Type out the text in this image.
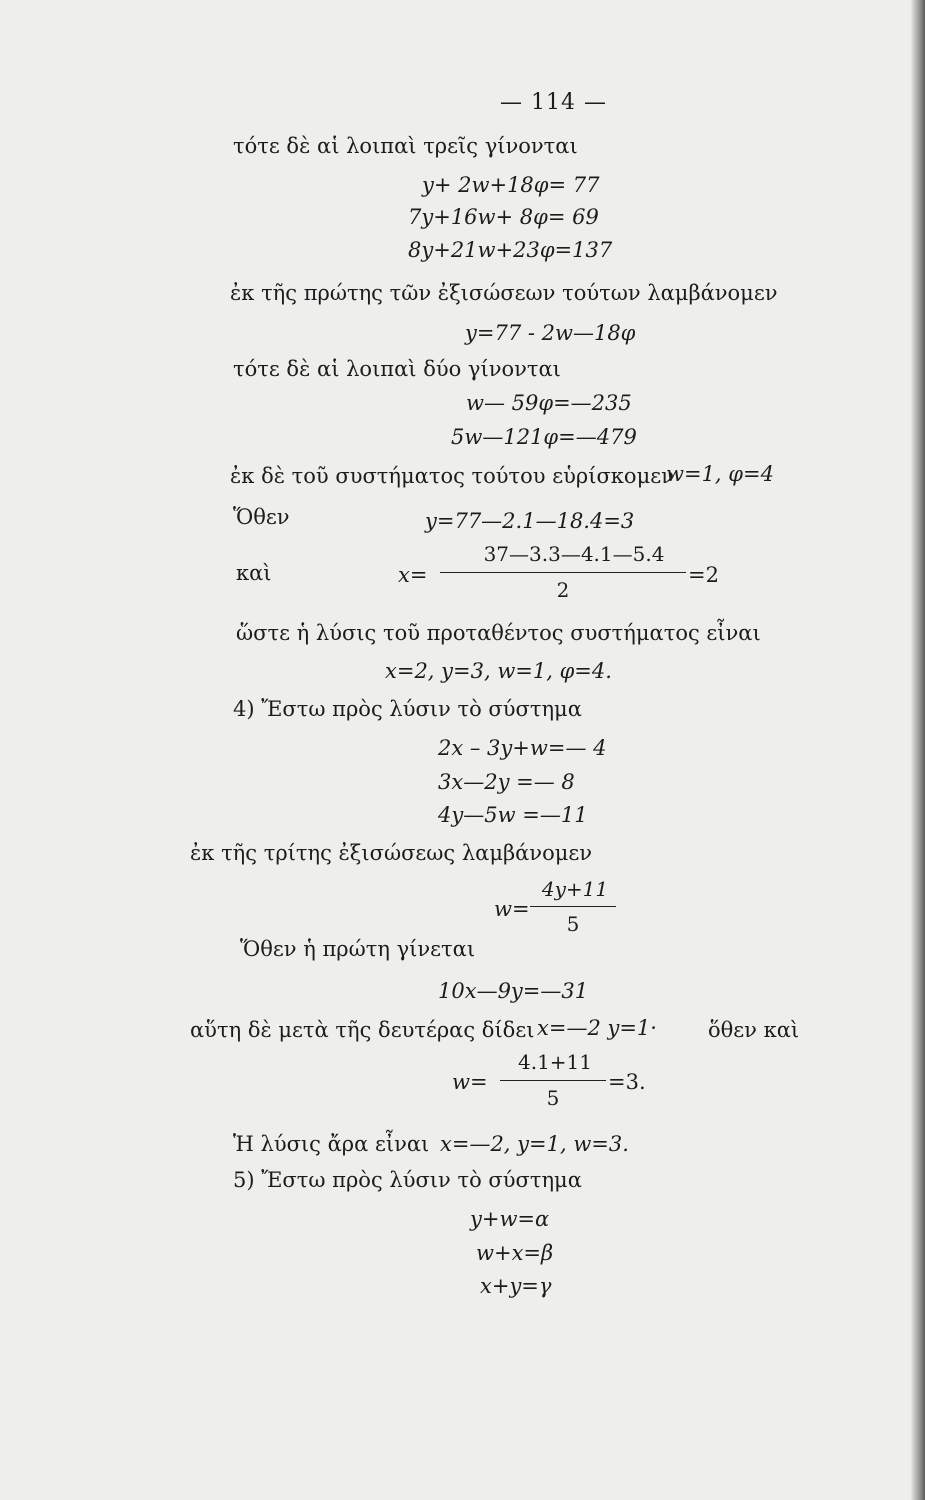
— 114 —
τότε δὲ αἱ λοιπαὶ τρεῖς γίνονται
y+ 2w+18φ= 77
7y+16w+ 8φ= 69
8y+21w+23φ=137
ἐκ τῆς πρώτης τῶν ἐξισώσεων τούτων λαμβάνομεν
y=77 - 2w—18φ
τότε δὲ αἱ λοιπαὶ δύο γίνονται
w— 59φ=—235
5w—121φ=—479
ἐκ δὲ τοῦ συστήματος τούτου εὑρίσκομεν
w=1, φ=4
Ὅθεν	y=77—2.1—18.4=3
καὶ	x=
37—3.3—4.1—5.4
2
=2
ὥστε ἡ λύσις τοῦ προταθέντος συστήματος εἶναι
x=2, y=3, w=1, φ=4.
4) Ἔστω πρὸς λύσιν τὸ σύστημα
2x – 3y+w=— 4
3x—2y =— 8
4y—5w =—11
ἐκ τῆς τρίτης ἐξισώσεως λαμβάνομεν
w=
4y+11
5
Ὅθεν ἡ πρώτη γίνεται
10x—9y=—31
αὕτη δὲ μετὰ τῆς δευτέρας δίδει x=—2 y=1· ὅθεν καὶ
w=
4.1+11
5
=3.
Ἡ λύσις ἄρα εἶναι x=—2, y=1, w=3.
5) Ἔστω πρὸς λύσιν τὸ σύστημα
y+w=α
w+x=β
x+y=γ
